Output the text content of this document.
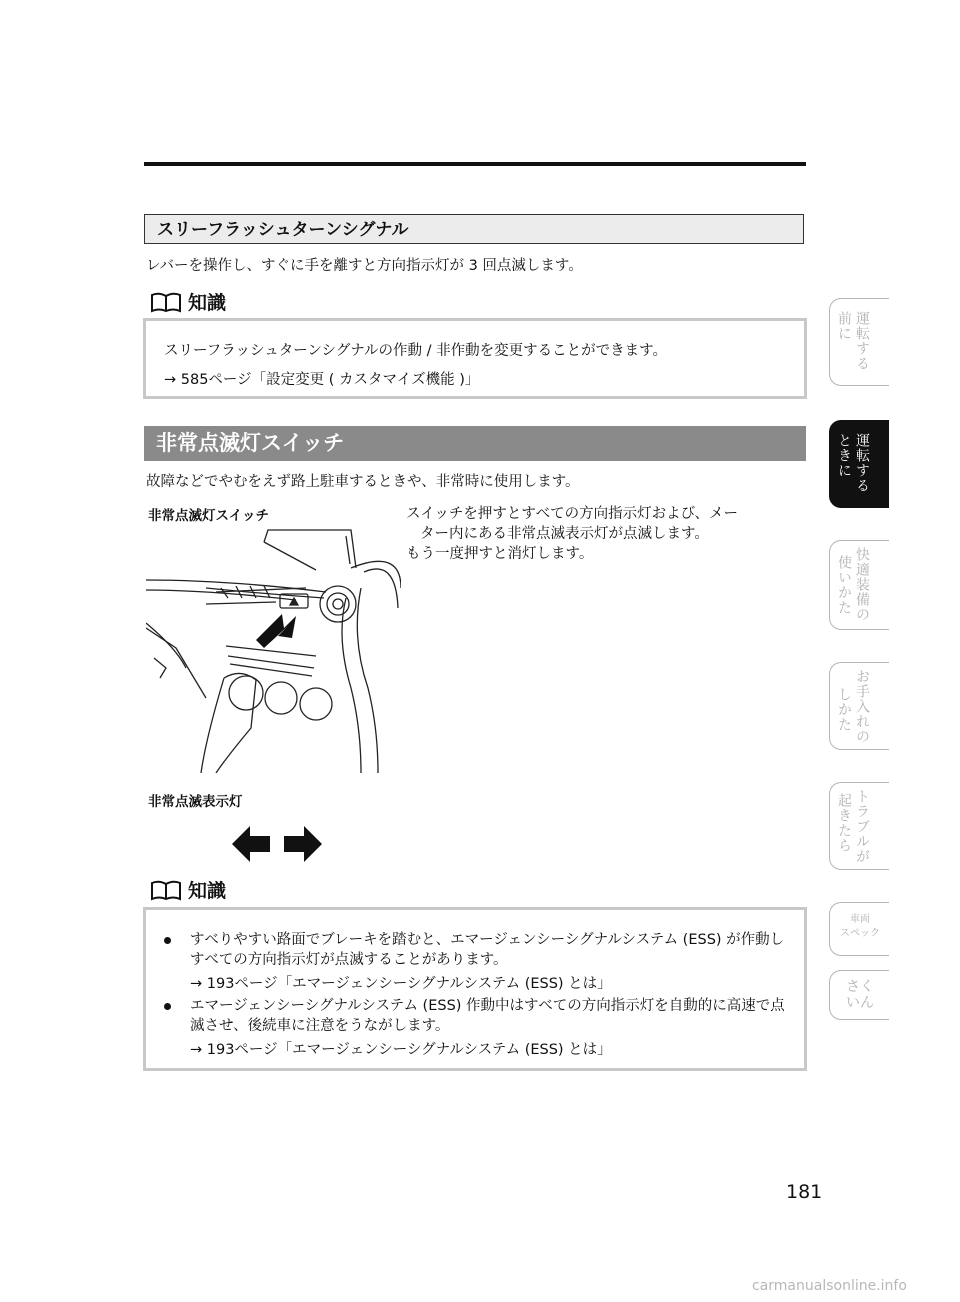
スリーフラッシュターンシグナル
レバーを操作し、すぐに手を離すと方向指示灯が 3 回点滅します。
知識
スリーフラッシュターンシグナルの作動 / 非作動を変更することができます。
→ 585ページ「設定変更 ( カスタマイズ機能 )」
非常点滅灯スイッチ
故障などでやむをえず路上駐車するときや、非常時に使用します。
非常点滅灯スイッチ	スイッチを押すとすべての方向指示灯および、メー
ター内にある非常点滅表示灯が点滅します。
もう一度押すと消灯します。
非常点滅表示灯
知識
すべりやすい路面でブレーキを踏むと、エマージェンシーシグナルシステム (ESS) が作動しすべての方向指示灯が点滅することがあります。
→ 193ページ「エマージェンシーシグナルシステム (ESS) とは」
エマージェンシーシグナルシステム (ESS) 作動中はすべての方向指示灯を自動的に高速で点滅させ、後続車に注意をうながします。
→ 193ページ「エマージェンシーシグナルシステム (ESS) とは」
運転する
前に
運転する
ときに
快適装備の
使いかた
お手入れの
しかた
トラブルが
起きたら
車両
スペック
さく
いん
181
carmanualsonline.info
